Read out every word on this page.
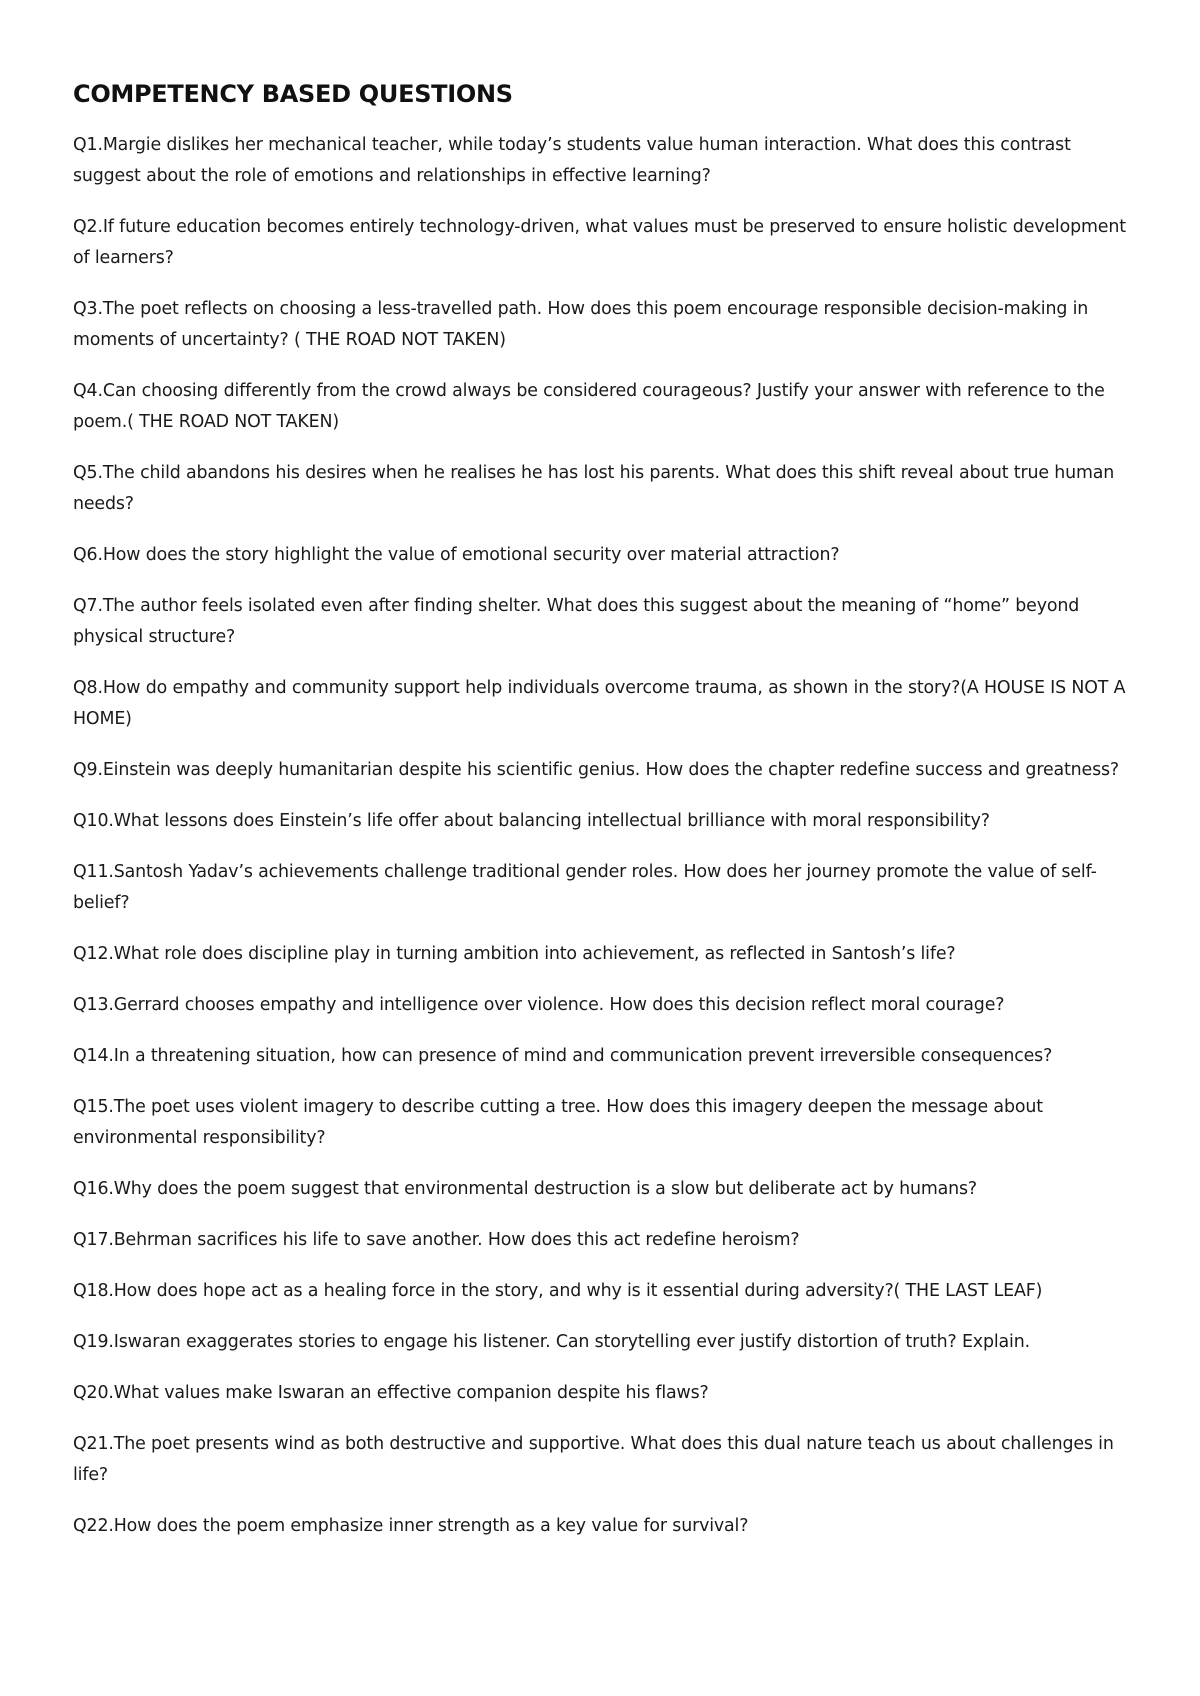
COMPETENCY BASED QUESTIONS
Q1.Margie dislikes her mechanical teacher, while today’s students value human interaction. What does this contrast suggest about the role of emotions and relationships in effective learning?
Q2.If future education becomes entirely technology-driven, what values must be preserved to ensure holistic development of learners?
Q3.The poet reflects on choosing a less-travelled path. How does this poem encourage responsible decision-making in moments of uncertainty? ( THE ROAD NOT TAKEN)
Q4.Can choosing differently from the crowd always be considered courageous? Justify your answer with reference to the poem.( THE ROAD NOT TAKEN)
Q5.The child abandons his desires when he realises he has lost his parents. What does this shift reveal about true human needs?
Q6.How does the story highlight the value of emotional security over material attraction?
Q7.The author feels isolated even after finding shelter. What does this suggest about the meaning of “home” beyond physical structure?
Q8.How do empathy and community support help individuals overcome trauma, as shown in the story?(A HOUSE IS NOT A HOME)
Q9.Einstein was deeply humanitarian despite his scientific genius. How does the chapter redefine success and greatness?
Q10.What lessons does Einstein’s life offer about balancing intellectual brilliance with moral responsibility?
Q11.Santosh Yadav’s achievements challenge traditional gender roles. How does her journey promote the value of self-belief?
Q12.What role does discipline play in turning ambition into achievement, as reflected in Santosh’s life?
Q13.Gerrard chooses empathy and intelligence over violence. How does this decision reflect moral courage?
Q14.In a threatening situation, how can presence of mind and communication prevent irreversible consequences?
Q15.The poet uses violent imagery to describe cutting a tree. How does this imagery deepen the message about environmental responsibility?
Q16.Why does the poem suggest that environmental destruction is a slow but deliberate act by humans?
Q17.Behrman sacrifices his life to save another. How does this act redefine heroism?
Q18.How does hope act as a healing force in the story, and why is it essential during adversity?( THE LAST LEAF)
Q19.Iswaran exaggerates stories to engage his listener. Can storytelling ever justify distortion of truth? Explain.
Q20.What values make Iswaran an effective companion despite his flaws?
Q21.The poet presents wind as both destructive and supportive. What does this dual nature teach us about challenges in life?
Q22.How does the poem emphasize inner strength as a key value for survival?
